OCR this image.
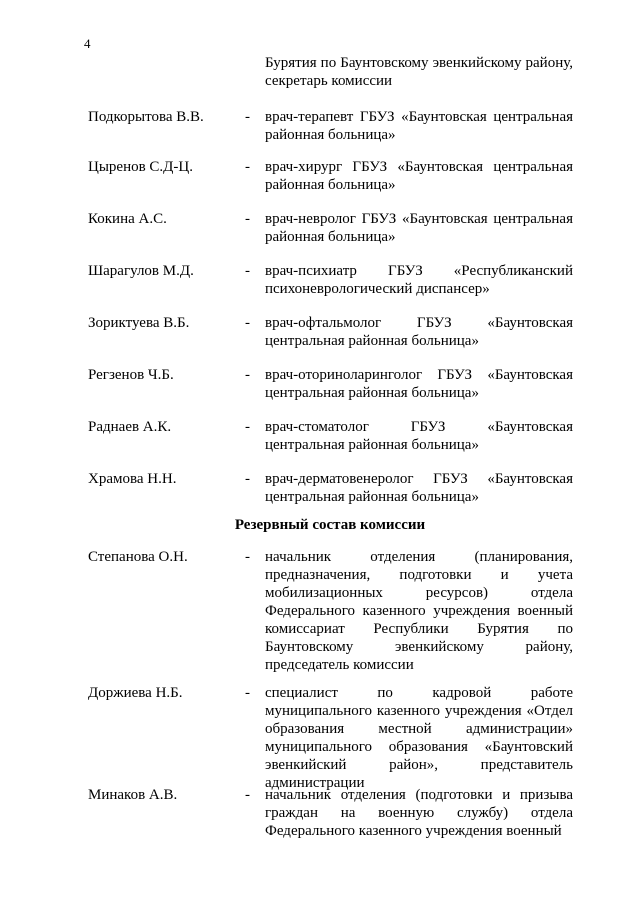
4
Бурятия по Баунтовскому эвенкийскому району, секретарь комиссии
Подкорытова В.В.	- врач-терапевт ГБУЗ «Баунтовская центральная районная больница»
Цыренов С.Д-Ц.	- врач-хирург ГБУЗ «Баунтовская центральная районная больница»
Кокина А.С.	- врач-невролог ГБУЗ «Баунтовская центральная районная больница»
Шарагулов М.Д.	- врач-психиатр ГБУЗ «Республиканский психоневрологический диспансер»
Зориктуева В.Б.	- врач-офтальмолог ГБУЗ «Баунтовская центральная районная больница»
Регзенов Ч.Б.	- врач-оториноларинголог ГБУЗ «Баунтовская центральная районная больница»
Раднаев А.К.	- врач-стоматолог ГБУЗ «Баунтовская центральная районная больница»
Храмова Н.Н.	- врач-дерматовенеролог ГБУЗ «Баунтовская центральная районная больница»
Резервный состав комиссии
Степанова О.Н.	- начальник отделения (планирования, предназначения, подготовки и учета мобилизационных ресурсов) отдела Федерального казенного учреждения военный комиссариат Республики Бурятия по Баунтовскому эвенкийскому району, председатель комиссии
Доржиева Н.Б.	- специалист по кадровой работе муниципального казенного учреждения «Отдел образования местной администрации» муниципального образования «Баунтовский эвенкийский район», представитель администрации
Минаков А.В.	- начальник отделения (подготовки и призыва граждан на военную службу) отдела Федерального казенного учреждения военный
